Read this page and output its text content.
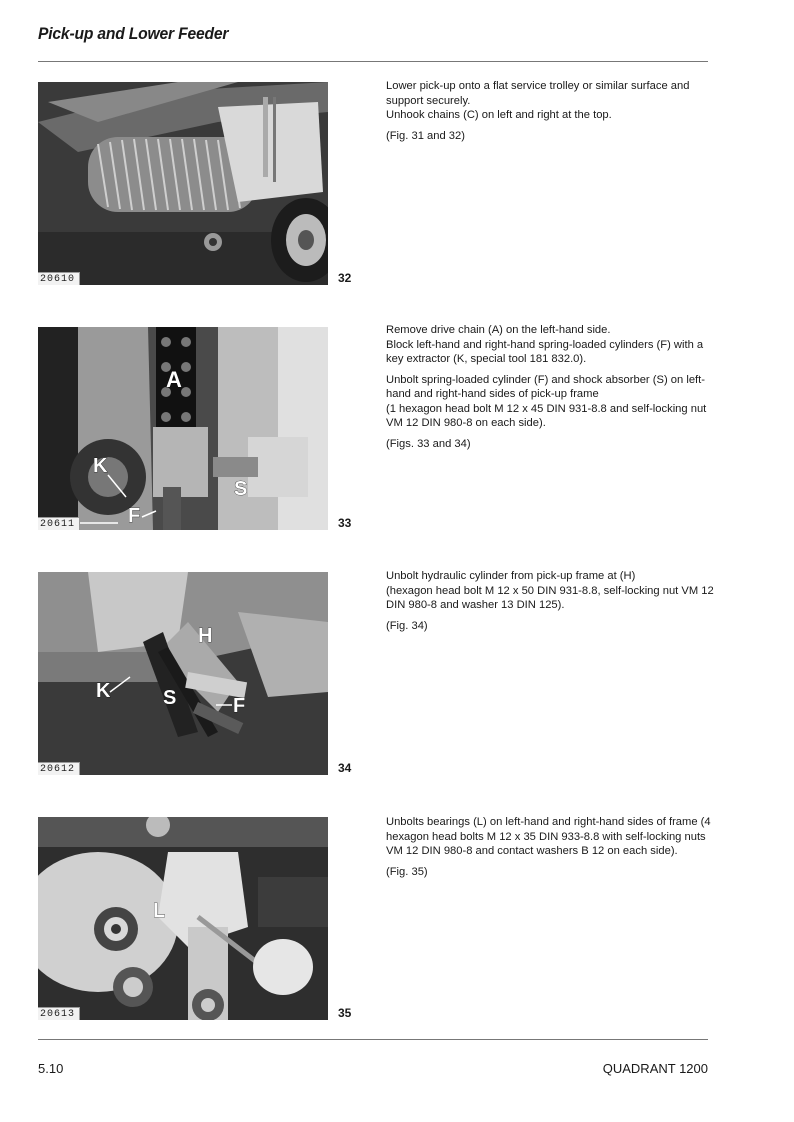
Pick-up and Lower Feeder
20610	32

Lower pick-up onto a flat service trolley or similar surface and support securely.
Unhook chains (C) on left and right at the top.

(Fig. 31 and 32)

A
K
F
S
20611	33

Remove drive chain (A) on the left-hand side.
Block left-hand and right-hand spring-loaded cylinders (F) with a key extractor (K, special tool 181 832.0).

Unbolt spring-loaded cylinder (F) and shock absorber (S) on left-hand and right-hand sides of pick-up frame
(1 hexagon head bolt M 12 x 45 DIN 931-8.8 and self-locking nut VM 12 DIN 980-8 on each side).

(Figs. 33 and 34)

H
K	S	F
20612	34

Unbolt hydraulic cylinder from pick-up frame at (H)
(hexagon head bolt M 12 x 50 DIN 931-8.8, self-locking nut VM 12 DIN 980-8 and washer 13 DIN 125).

(Fig. 34)

L
20613	35

Unbolts bearings (L) on left-hand and right-hand sides of frame (4 hexagon head bolts M 12 x 35 DIN 933-8.8 with self-locking nuts VM 12 DIN 980-8 and contact washers B 12 on each side).

(Fig. 35)

5.10	QUADRANT 1200
